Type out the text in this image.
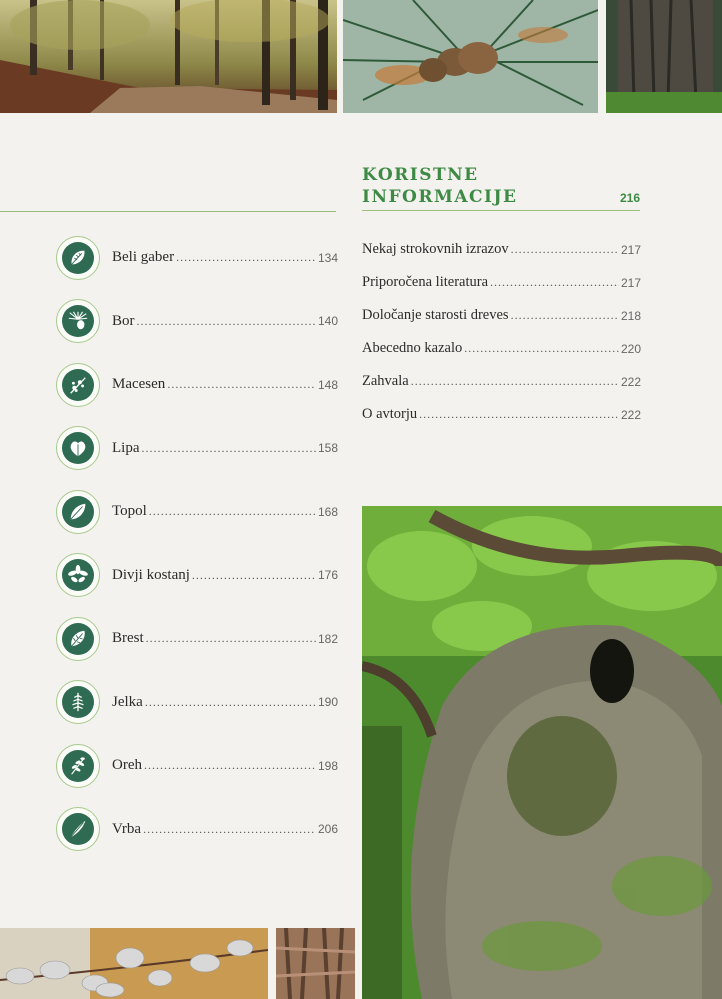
KORISTNE
INFORMACIJE	216
Beli gaber .....	134
Bor .....	140
Macesen .....	148
Lipa .....	158
Topol .....	168
Divji kostanj .....	176
Brest .....	182
Jelka .....	190
Oreh .....	198
Vrba .....	206
Nekaj strokovnih izrazov .....	217
Priporočena literatura .....	217
Določanje starosti dreves .....	218
Abecedno kazalo .....	220
Zahvala .....	222
O avtorju .....	222
